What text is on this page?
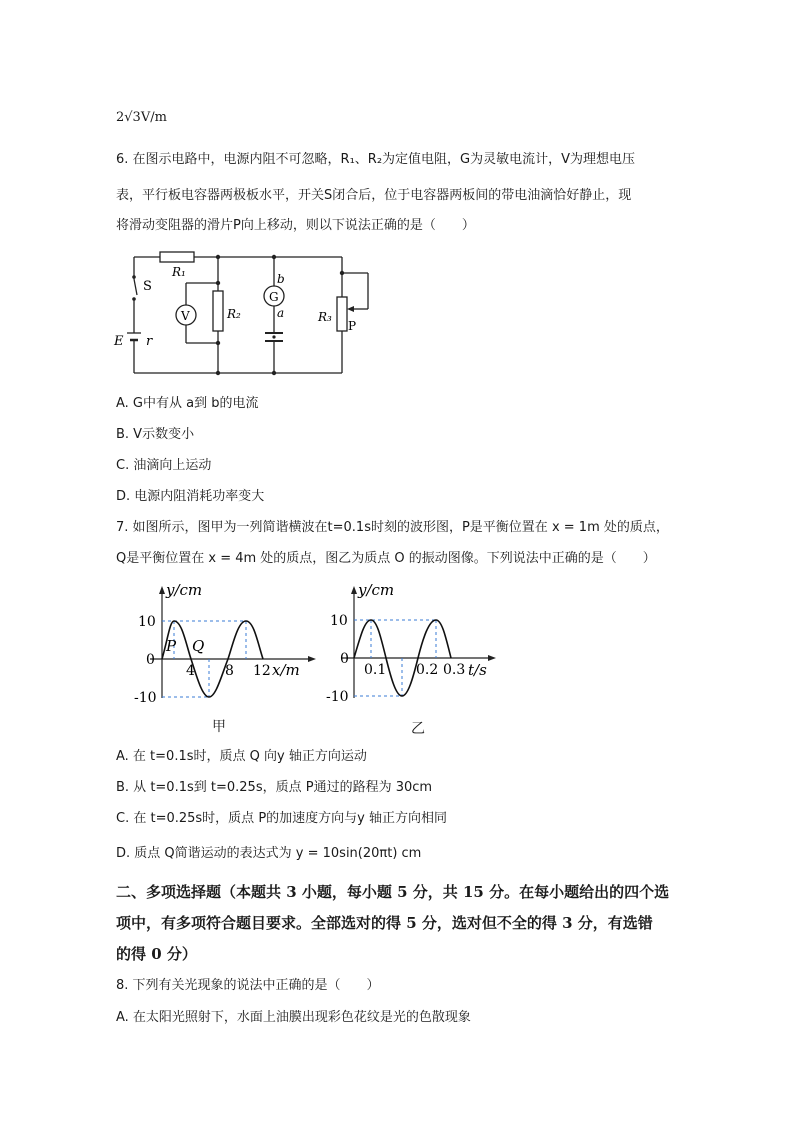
2√3V/m
6. 在图示电路中，电源内阻不可忽略，R₁、R₂为定值电阻，G为灵敏电流计，V为理想电压
表，平行板电容器两极板水平，开关S闭合后，位于电容器两板间的带电油滴恰好静止，现
将滑动变阻器的滑片P向上移动，则以下说法正确的是（　　）
R₁
S
E r
V	R₂
G
b
a	R₃
P
A. G中有从 a到 b的电流
B. V示数变小
C. 油滴向上运动
D. 电源内阻消耗功率变大
7. 如图所示，图甲为一列简谐横波在t=0.1s时刻的波形图，P是平衡位置在 x = 1m 处的质点，
Q是平衡位置在 x = 4m 处的质点，图乙为质点 O 的振动图像。下列说法中正确的是（　　）
y/cm
x/m
10
0
-10
4 8 12
P Q
甲
y/cm
t/s
10
0
-10
0.1 0.2 0.3
乙
A. 在 t=0.1s时，质点 Q 向y 轴正方向运动
B. 从 t=0.1s到 t=0.25s，质点 P通过的路程为 30cm
C. 在 t=0.25s时，质点 P的加速度方向与y 轴正方向相同
D. 质点 Q简谐运动的表达式为 y = 10sin(20πt) cm
二、多项选择题（本题共 3 小题，每小题 5 分，共 15 分。在每小题给出的四个选
项中，有多项符合题目要求。全部选对的得 5 分，选对但不全的得 3 分，有选错
的得 0 分）
8. 下列有关光现象的说法中正确的是（　　）
A. 在太阳光照射下，水面上油膜出现彩色花纹是光的色散现象
